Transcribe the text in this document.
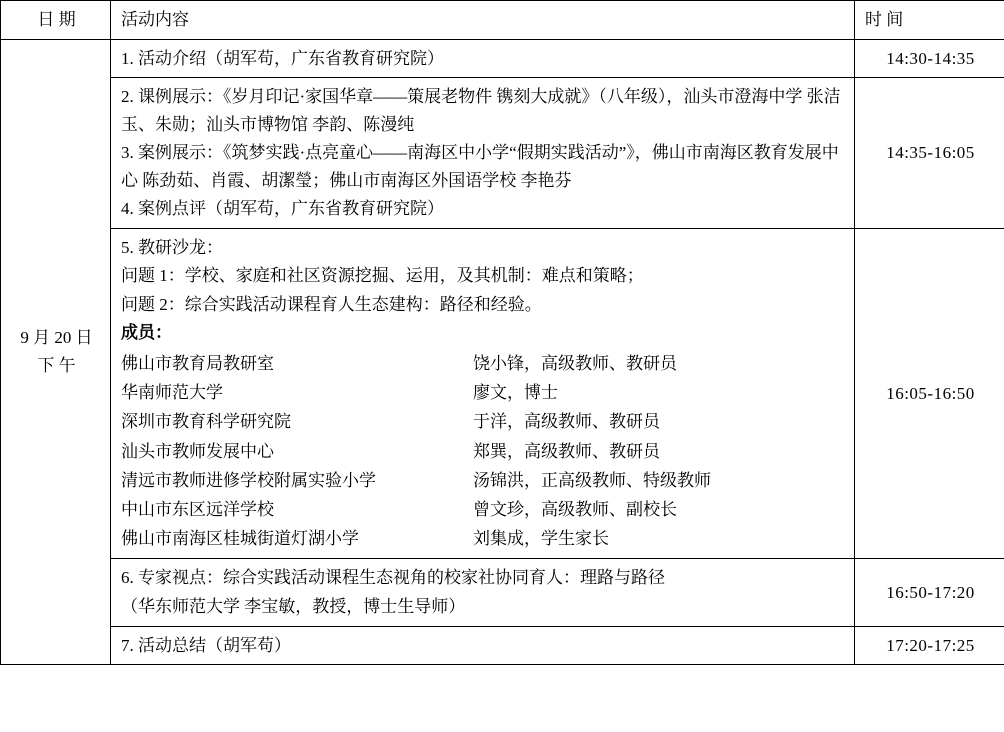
日 期	活动内容	时 间

9 月 20 日
下 午	1. 活动介绍（胡军苟，广东省教育研究院）	14:30-14:35

	2. 课例展示：《岁月印记·家国华章——策展老物件 镌刻大成就》（八年级），汕头市澄海中学 张洁玉、朱勋；汕头市博物馆 李韵、陈漫纯

3. 案例展示：《筑梦实践·点亮童心——南海区中小学“假期实践活动”》，佛山市南海区教育发展中心 陈劲茹、肖霞、胡潔瑩；佛山市南海区外国语学校 李艳芬

4. 案例点评（胡军苟，广东省教育研究院）	14:35-16:05

5. 教研沙龙：

问题 1：学校、家庭和社区资源挖掘、运用，及其机制：难点和策略；

问题 2：综合实践活动课程育人生态建构：路径和经验。

成员：

佛山市教育局教研室	饶小锋，高级教师、教研员
华南师范大学	廖文，博士
深圳市教育科学研究院	于洋，高级教师、教研员
汕头市教师发展中心	郑巽，高级教师、教研员
清远市教师进修学校附属实验小学	汤锦洪，正高级教师、特级教师
中山市东区远洋学校	曾文珍，高级教师、副校长
佛山市南海区桂城街道灯湖小学	刘集成，学生家长
	16:05-16:50

	6. 专家视点：综合实践活动课程生态视角的校家社协同育人：理路与路径

（华东师范大学 李宝敏，教授，博士生导师）	16:50-17:20

	7. 活动总结（胡军苟）	17:20-17:25
